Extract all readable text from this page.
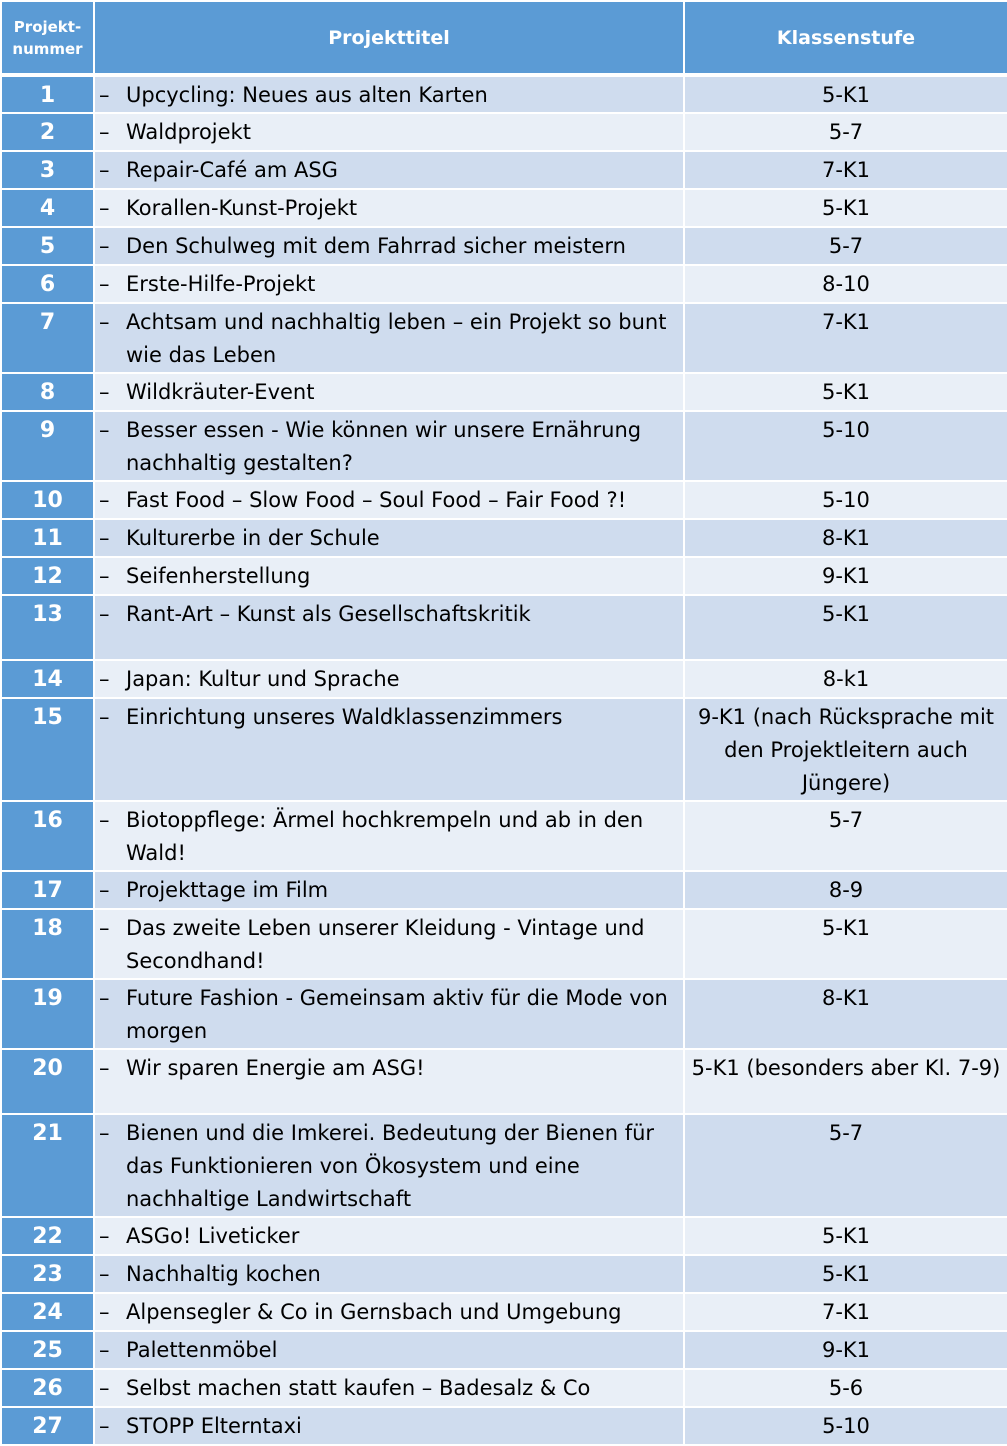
Projekt-
nummer	Projekttitel	Klassenstufe
1	– Upcycling: Neues aus alten Karten	5-K1
2	– Waldprojekt	5-7
3	– Repair-Café am ASG	7-K1
4	– Korallen-Kunst-Projekt	5-K1
5	– Den Schulweg mit dem Fahrrad sicher meistern	5-7
6	– Erste-Hilfe-Projekt	8-10
7	– Achtsam und nachhaltig leben – ein Projekt so bunt wie das Leben	7-K1
8	– Wildkräuter-Event	5-K1
9	– Besser essen - Wie können wir unsere Ernährung nachhaltig gestalten?	5-10
10	– Fast Food – Slow Food – Soul Food – Fair Food ?!	5-10
11	– Kulturerbe in der Schule	8-K1
12	– Seifenherstellung	9-K1
13	– Rant-Art – Kunst als Gesellschaftskritik	5-K1
14	– Japan: Kultur und Sprache	8-k1
15	– Einrichtung unseres Waldklassenzimmers	9-K1 (nach Rücksprache mit den Projektleitern auch Jüngere)
16	– Biotoppflege: Ärmel hochkrempeln und ab in den Wald!	5-7
17	– Projekttage im Film	8-9
18	– Das zweite Leben unserer Kleidung - Vintage und Secondhand!	5-K1
19	– Future Fashion - Gemeinsam aktiv für die Mode von morgen	8-K1
20	– Wir sparen Energie am ASG!	5-K1 (besonders aber Kl. 7-9)
21	– Bienen und die Imkerei. Bedeutung der Bienen für das Funktionieren von Ökosystem und eine nachhaltige Landwirtschaft	5-7
22	– ASGo! Liveticker	5-K1
23	– Nachhaltig kochen	5-K1
24	– Alpensegler & Co in Gernsbach und Umgebung	7-K1
25	– Palettenmöbel	9-K1
26	– Selbst machen statt kaufen – Badesalz & Co	5-6
27	– STOPP Elterntaxi	5-10
